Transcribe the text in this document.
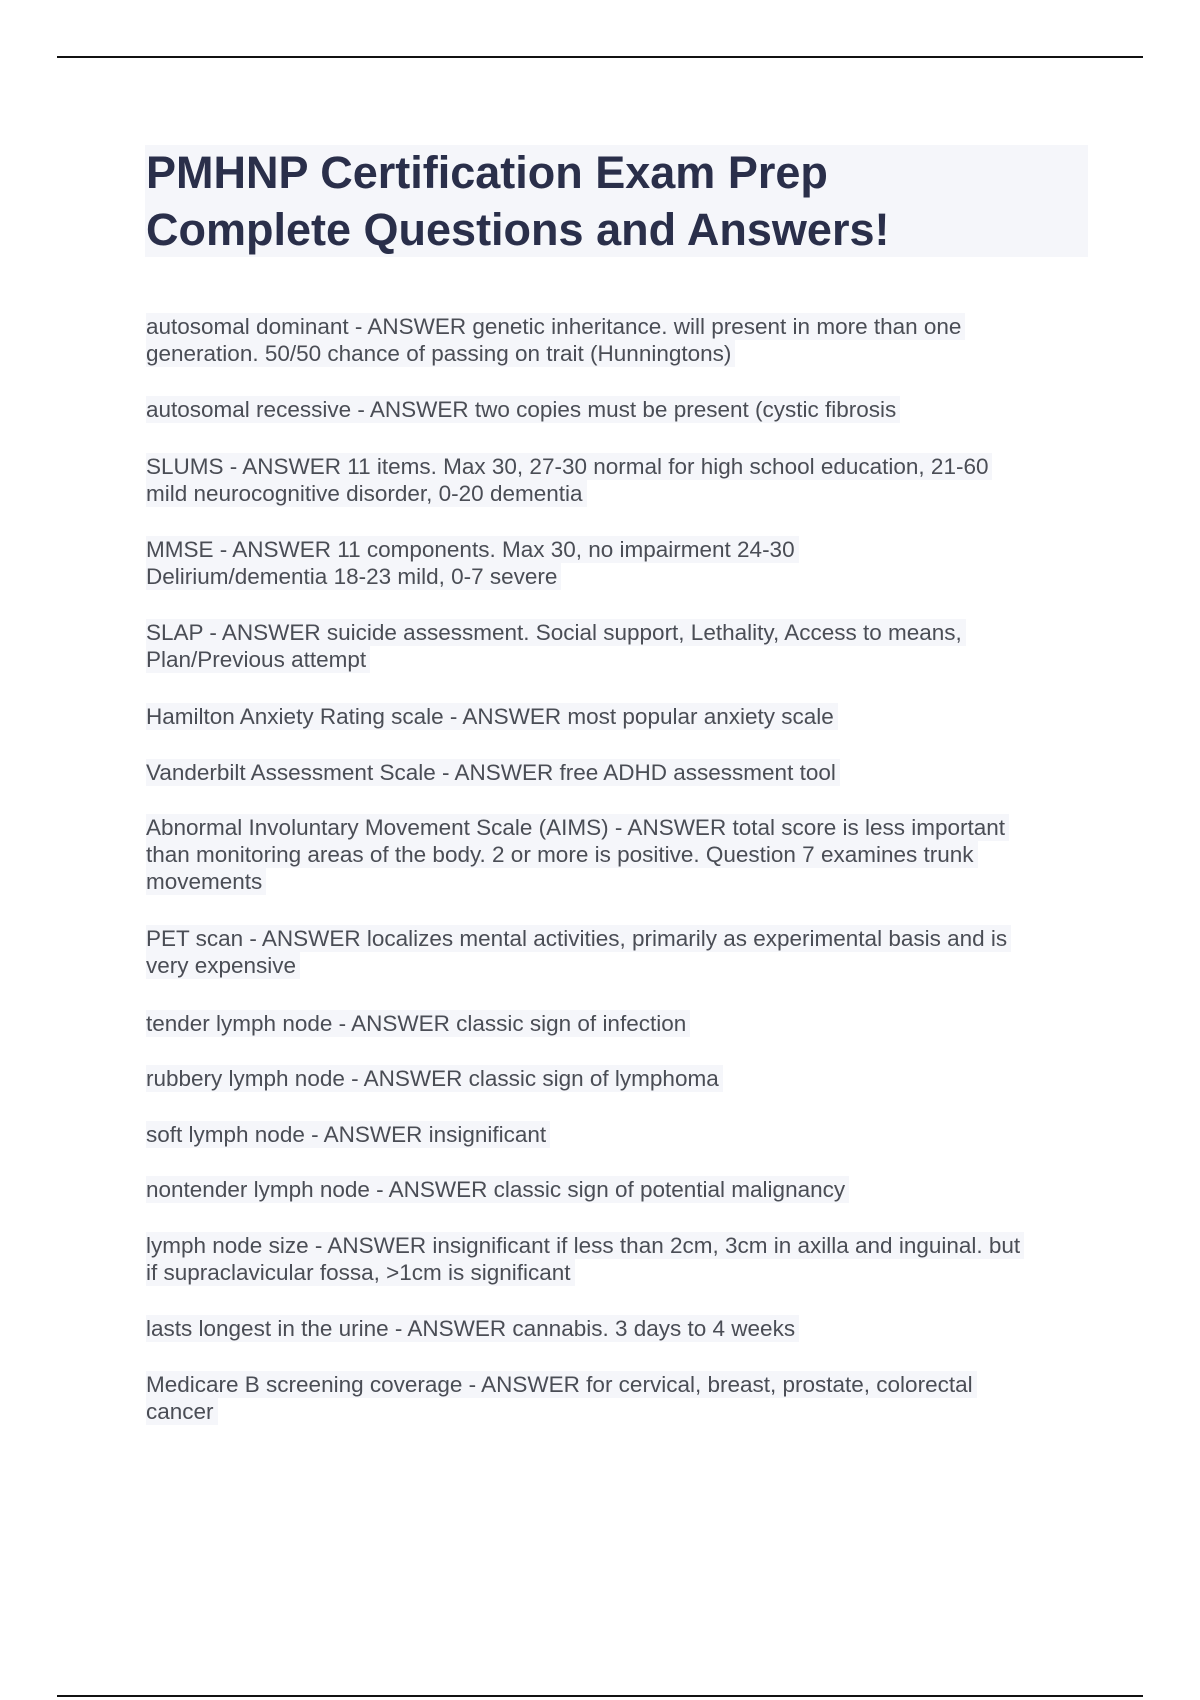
PMHNP Certification Exam Prep
Complete Questions and Answers!

autosomal dominant - ANSWER genetic inheritance. will present in more than one
generation. 50/50 chance of passing on trait (Hunningtons)

autosomal recessive - ANSWER two copies must be present (cystic fibrosis

SLUMS - ANSWER 11 items. Max 30, 27-30 normal for high school education, 21-60
mild neurocognitive disorder, 0-20 dementia

MMSE - ANSWER 11 components. Max 30, no impairment 24-30
Delirium/dementia 18-23 mild, 0-7 severe

SLAP - ANSWER suicide assessment. Social support, Lethality, Access to means,
Plan/Previous attempt

Hamilton Anxiety Rating scale - ANSWER most popular anxiety scale

Vanderbilt Assessment Scale - ANSWER free ADHD assessment tool

Abnormal Involuntary Movement Scale (AIMS) - ANSWER total score is less important
than monitoring areas of the body. 2 or more is positive. Question 7 examines trunk
movements

PET scan - ANSWER localizes mental activities, primarily as experimental basis and is
very expensive

tender lymph node - ANSWER classic sign of infection

rubbery lymph node - ANSWER classic sign of lymphoma

soft lymph node - ANSWER insignificant

nontender lymph node - ANSWER classic sign of potential malignancy

lymph node size - ANSWER insignificant if less than 2cm, 3cm in axilla and inguinal. but
if supraclavicular fossa, >1cm is significant

lasts longest in the urine - ANSWER cannabis. 3 days to 4 weeks

Medicare B screening coverage - ANSWER for cervical, breast, prostate, colorectal
cancer
